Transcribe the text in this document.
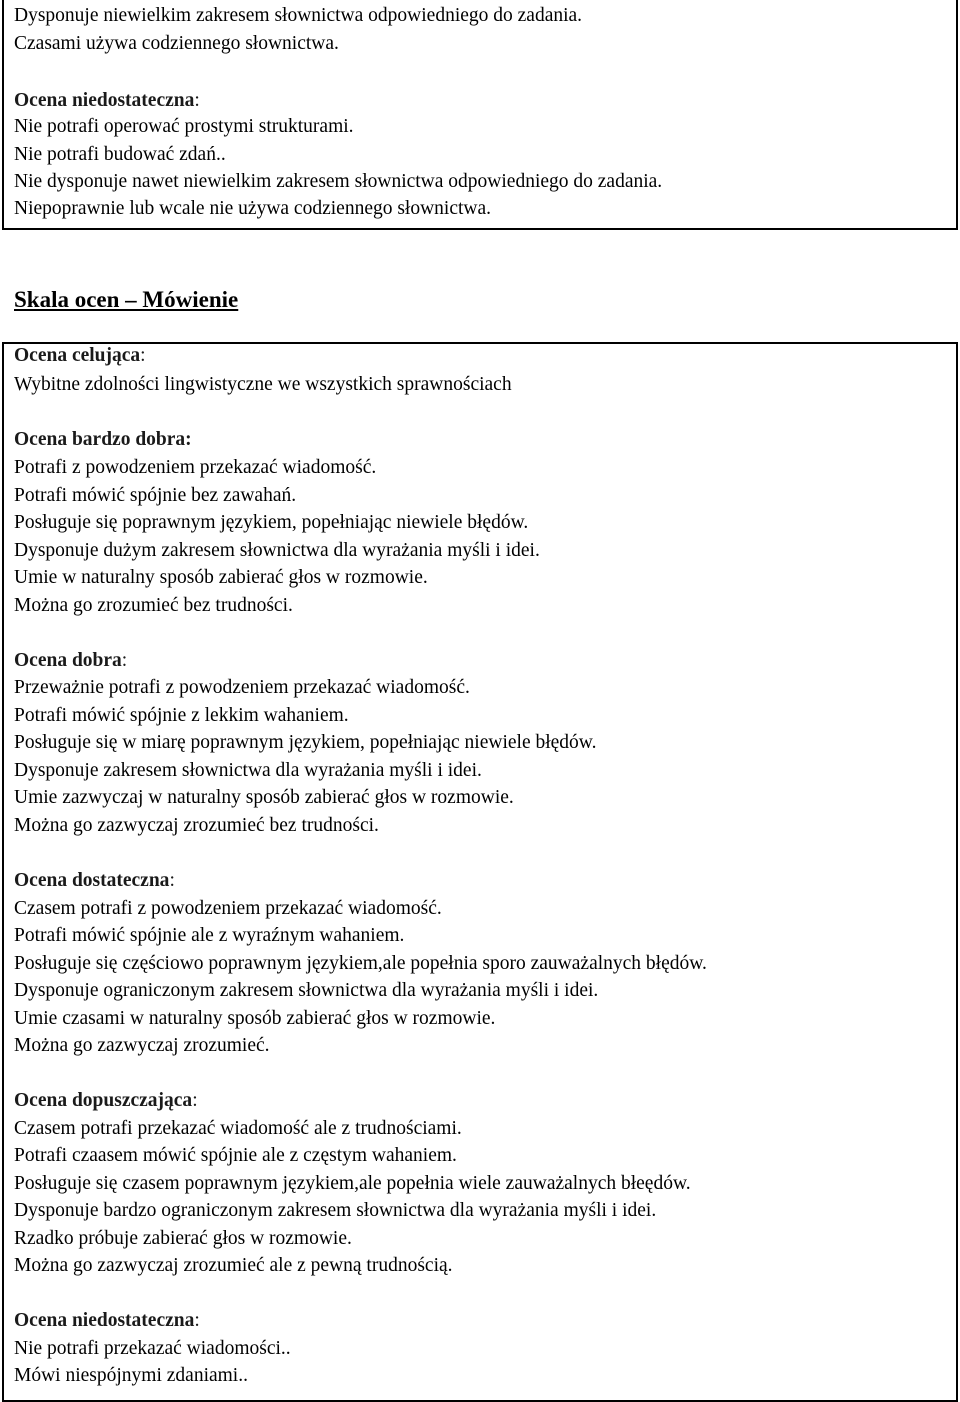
Dysponuje niewielkim zakresem słownictwa odpowiedniego do zadania.
Czasami używa codziennego słownictwa.
Ocena niedostateczna:
Nie potrafi operować prostymi strukturami.
Nie potrafi budować zdań..
Nie dysponuje nawet niewielkim zakresem słownictwa odpowiedniego do zadania.
Niepoprawnie lub wcale nie używa codziennego słownictwa.
Skala ocen – Mówienie
Ocena celująca:
Wybitne zdolności lingwistyczne we wszystkich sprawnościach
Ocena bardzo dobra:
Potrafi z powodzeniem przekazać wiadomość.
Potrafi mówić spójnie bez zawahań.
Posługuje się poprawnym językiem, popełniając niewiele błędów.
Dysponuje dużym zakresem słownictwa dla wyrażania myśli i idei.
Umie w naturalny sposób zabierać głos w rozmowie.
Można go zrozumieć bez trudności.
Ocena dobra:
Przeważnie potrafi z powodzeniem przekazać wiadomość.
Potrafi mówić spójnie z lekkim wahaniem.
Posługuje się w miarę poprawnym językiem, popełniając niewiele błędów.
Dysponuje zakresem słownictwa dla wyrażania myśli i idei.
Umie zazwyczaj w naturalny sposób zabierać głos w rozmowie.
Można go zazwyczaj zrozumieć bez trudności.
Ocena dostateczna:
Czasem potrafi z powodzeniem przekazać wiadomość.
Potrafi mówić spójnie ale z wyraźnym wahaniem.
Posługuje się częściowo poprawnym językiem,ale popełnia sporo zauważalnych błędów.
Dysponuje ograniczonym zakresem słownictwa dla wyrażania myśli i idei.
Umie czasami w naturalny sposób zabierać głos w rozmowie.
Można go zazwyczaj zrozumieć.
Ocena dopuszczająca:
Czasem potrafi przekazać wiadomość ale z trudnościami.
Potrafi czaasem mówić spójnie ale z częstym wahaniem.
Posługuje się czasem poprawnym językiem,ale popełnia wiele zauważalnych błeędów.
Dysponuje bardzo ograniczonym zakresem słownictwa dla wyrażania myśli i idei.
Rzadko próbuje zabierać głos w rozmowie.
Można go zazwyczaj zrozumieć ale z pewną trudnością.
Ocena niedostateczna:
Nie potrafi przekazać wiadomości..
Mówi niespójnymi zdaniami..
